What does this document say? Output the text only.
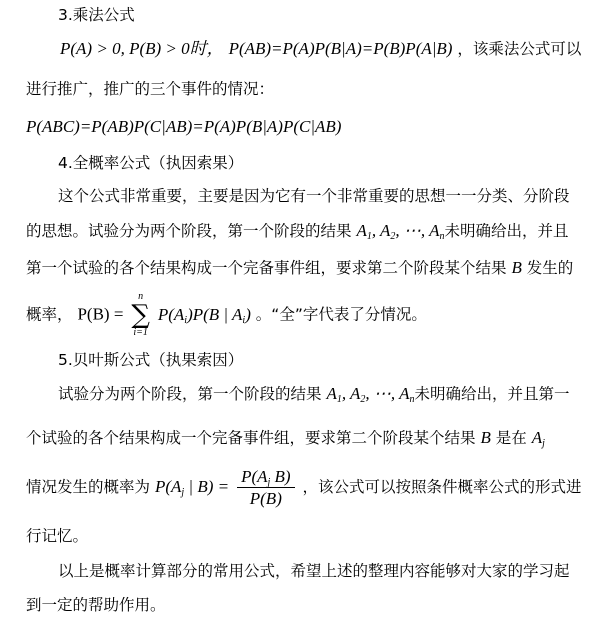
3.乘法公式
P(A) > 0, P(B) > 0时， P(AB)=P(A)P(B|A)=P(B)P(A|B) ，该乘法公式可以
进行推广，推广的三个事件的情况：
P(ABC)=P(AB)P(C|AB)=P(A)P(B|A)P(C|AB)
4.全概率公式（执因索果）
这个公式非常重要，主要是因为它有一个非常重要的思想一一分类、分阶段
的思想。试验分为两个阶段，第一个阶段的结果 $A_1$, $A_2$, ⋯, $A_n$未明确给出，并且
第一个试验的各个结果构成一个完备事件组，要求第二个阶段某个结果 B 发生的
概率， P(B) =
n
∑
i=1
$P(A_i)P(B$ | $A_i$) 。“全”字代表了分情况。
5.贝叶斯公式（执果索因）
试验分为两个阶段，第一个阶段的结果 $A_1$, $A_2$, ⋯, $A_n$未明确给出，并且第一
个试验的各个结果构成一个完备事件组，要求第二个阶段某个结果 B 是在 $A_j$
情况发生的概率为 $P(A_j$ | $B) = \frac{P(A_j B)}{P(B)}$ ，该公式可以按照条件概率公式的形式进
行记忆。
以上是概率计算部分的常用公式，希望上述的整理内容能够对大家的学习起
到一定的帮助作用。
